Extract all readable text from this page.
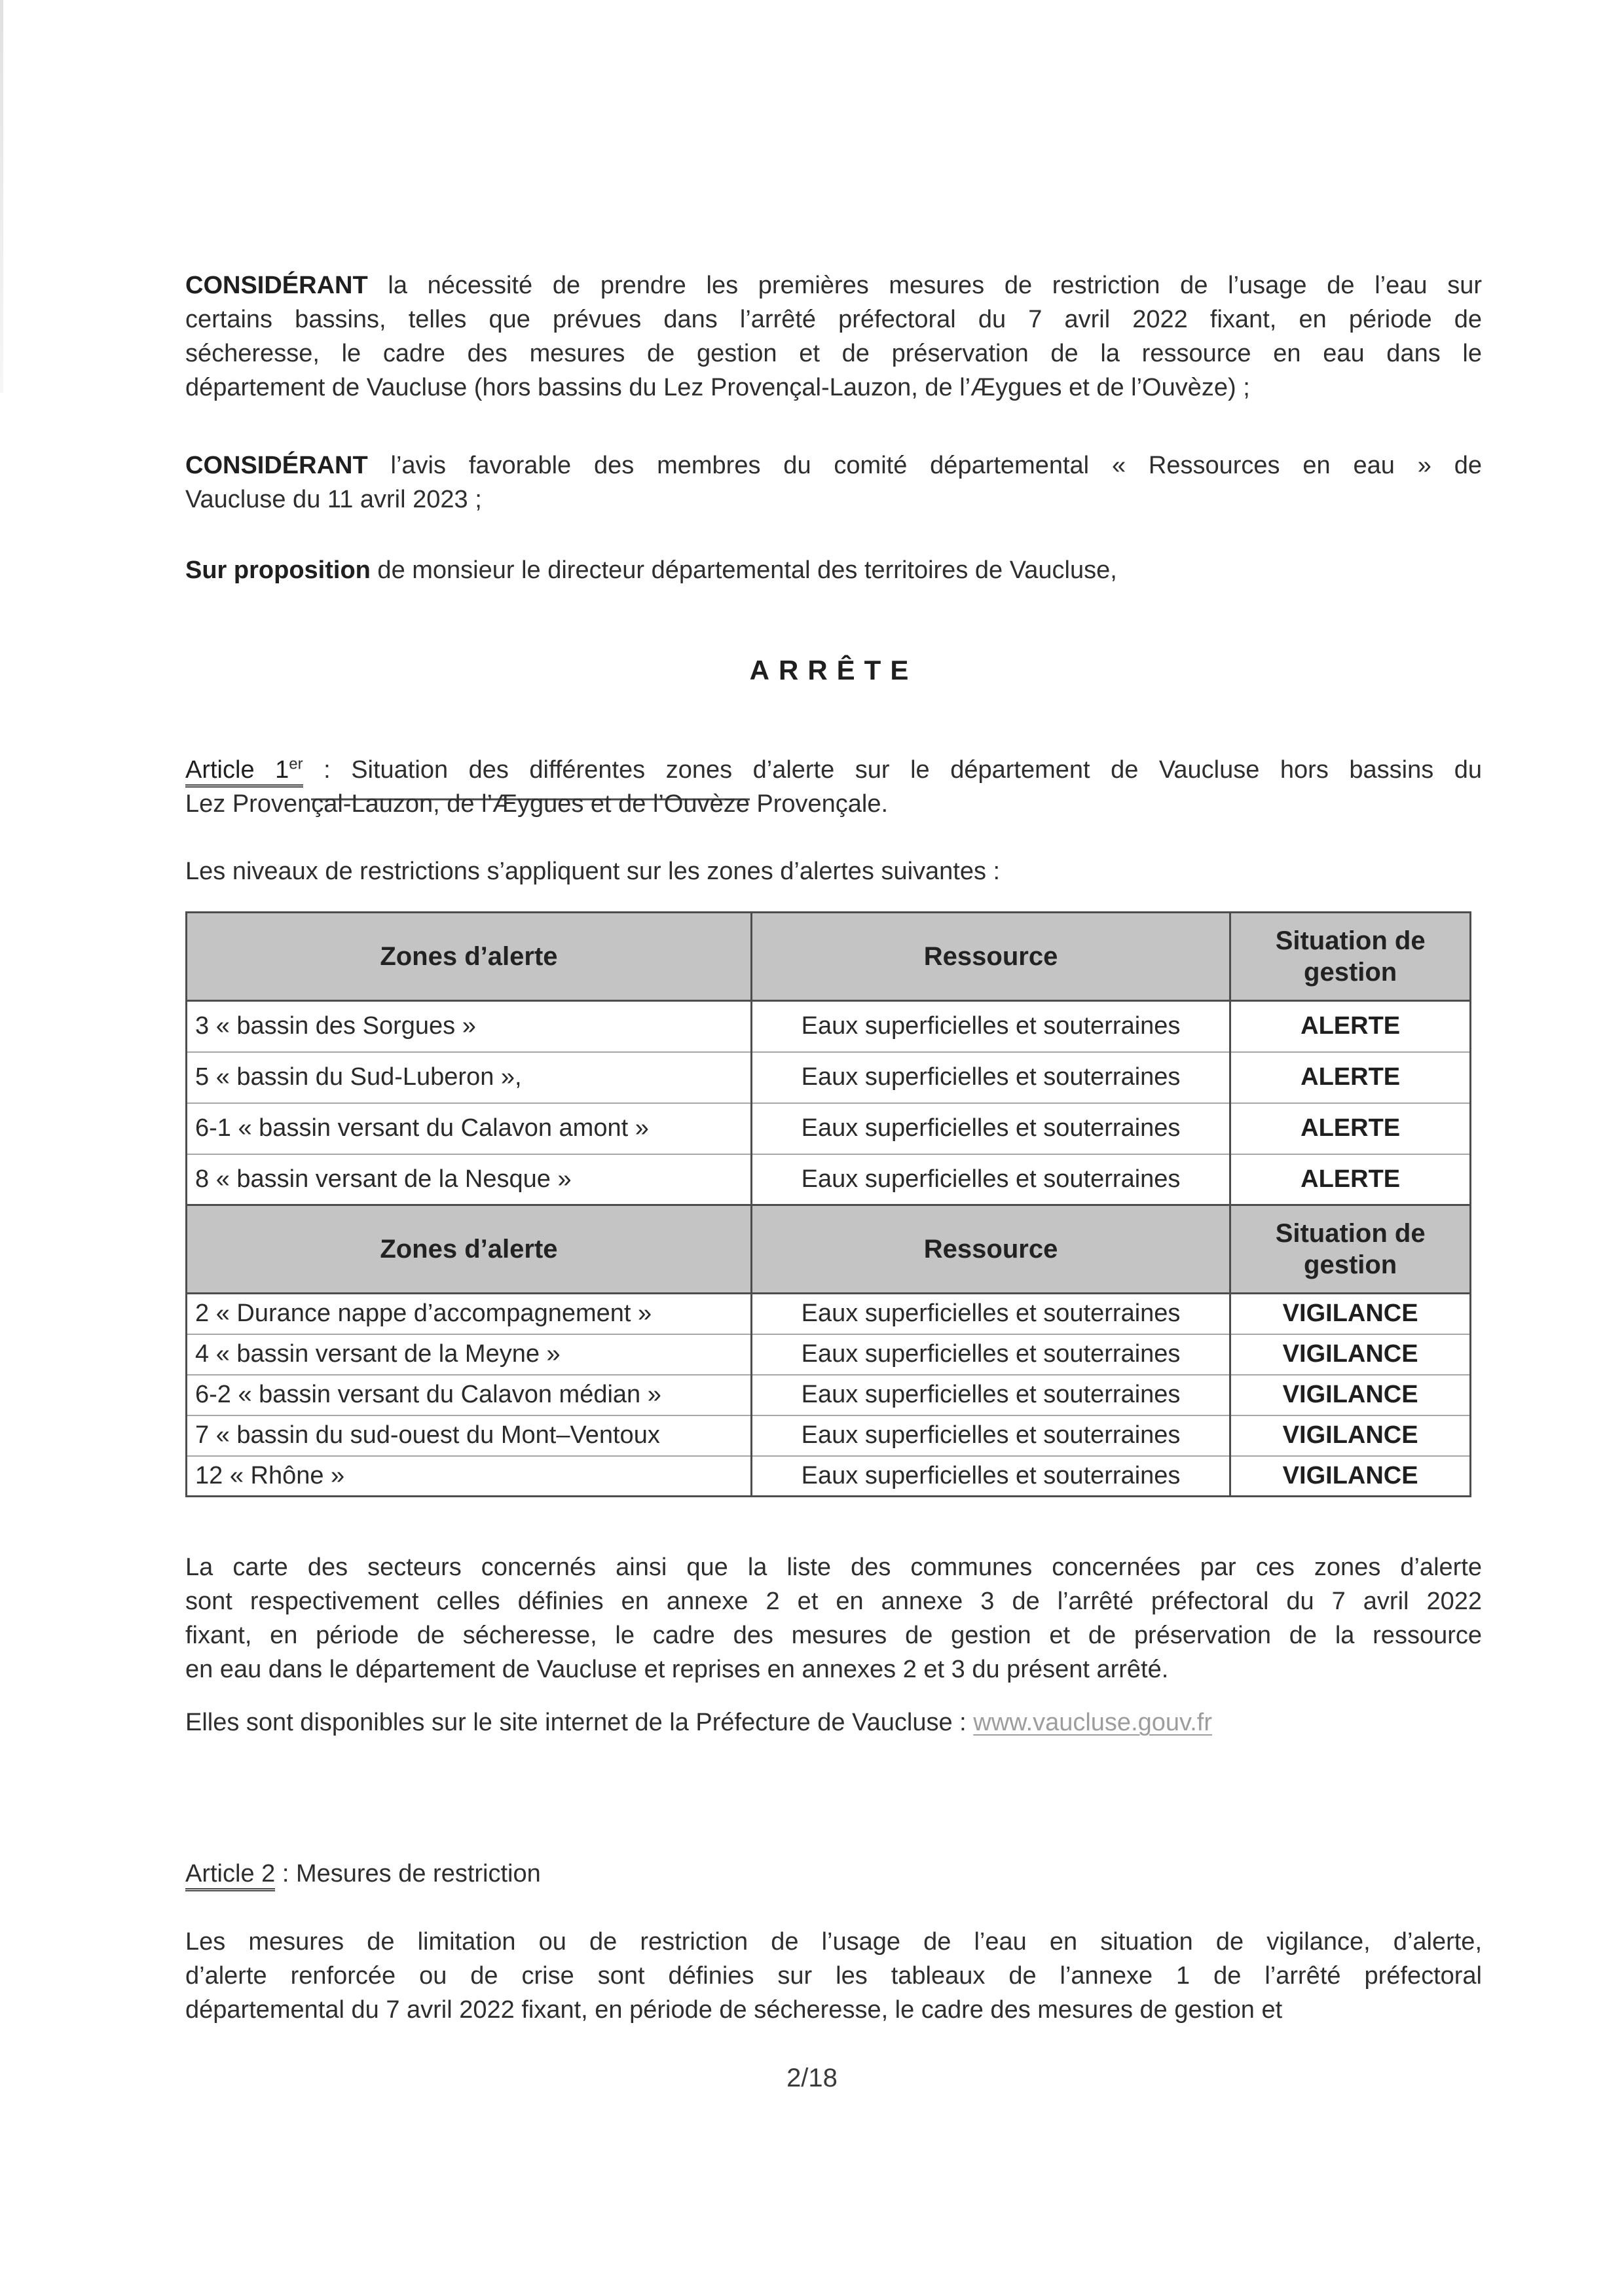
CONSIDÉRANT la nécessité de prendre les premières mesures de restriction de l’usage de l’eau sur
certains bassins, telles que prévues dans l’arrêté préfectoral du 7 avril 2022 fixant, en période de
sécheresse, le cadre des mesures de gestion et de préservation de la ressource en eau dans le
département de Vaucluse (hors bassins du Lez Provençal-Lauzon, de l’Æygues et de l’Ouvèze) ;
CONSIDÉRANT l’avis favorable des membres du comité départemental « Ressources en eau » de
Vaucluse du 11 avril 2023 ;
Sur proposition de monsieur le directeur départemental des territoires de Vaucluse,
ARRÊTE
Article 1er : Situation des différentes zones d’alerte sur le département de Vaucluse hors bassins du
Lez Provençal-Lauzon, de l’Æygues et de l’Ouvèze Provençale.
Les niveaux de restrictions s’appliquent sur les zones d’alertes suivantes :
Zones d’alerte	Ressource	Situation de gestion
3 « bassin des Sorgues »	Eaux superficielles et souterraines	ALERTE
5 « bassin du Sud-Luberon »,	Eaux superficielles et souterraines	ALERTE
6-1 « bassin versant du Calavon amont »	Eaux superficielles et souterraines	ALERTE
8 « bassin versant de la Nesque »	Eaux superficielles et souterraines	ALERTE
Zones d’alerte	Ressource	Situation de gestion
2 « Durance nappe d’accompagnement »	Eaux superficielles et souterraines	VIGILANCE
4 « bassin versant de la Meyne »	Eaux superficielles et souterraines	VIGILANCE
6-2 « bassin versant du Calavon médian »	Eaux superficielles et souterraines	VIGILANCE
7 « bassin du sud-ouest du Mont–Ventoux	Eaux superficielles et souterraines	VIGILANCE
12 « Rhône »	Eaux superficielles et souterraines	VIGILANCE
La carte des secteurs concernés ainsi que la liste des communes concernées par ces zones d’alerte
sont respectivement celles définies en annexe 2 et en annexe 3 de l’arrêté préfectoral du 7 avril 2022
fixant, en période de sécheresse, le cadre des mesures de gestion et de préservation de la ressource
en eau dans le département de Vaucluse et reprises en annexes 2 et 3 du présent arrêté.
Elles sont disponibles sur le site internet de la Préfecture de Vaucluse : www.vaucluse.gouv.fr
Article 2 : Mesures de restriction
Les mesures de limitation ou de restriction de l’usage de l’eau en situation de vigilance, d’alerte,
d’alerte renforcée ou de crise sont définies sur les tableaux de l’annexe 1 de l’arrêté préfectoral
départemental du 7 avril 2022 fixant, en période de sécheresse, le cadre des mesures de gestion et
2/18
